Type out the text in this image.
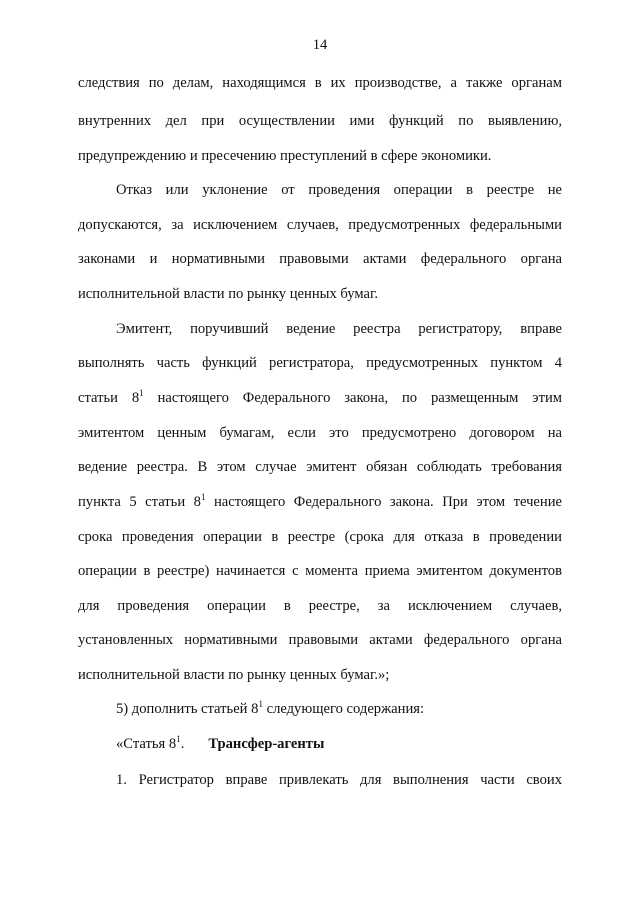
14
следствия по делам, находящимся в их производстве, а также органам
внутренних дел при осуществлении ими функций по выявлению,
предупреждению и пресечению преступлений в сфере экономики.
Отказ или уклонение от проведения операции в реестре не
допускаются, за исключением случаев, предусмотренных федеральными
законами и нормативными правовыми актами федерального органа
исполнительной власти по рынку ценных бумаг.
Эмитент, поручивший ведение реестра регистратору, вправе
выполнять часть функций регистратора, предусмотренных пунктом 4
статьи $8^1$ настоящего Федерального закона, по размещенным этим
эмитентом ценным бумагам, если это предусмотрено договором на
ведение реестра. В этом случае эмитент обязан соблюдать требования
пункта 5 статьи $8^1$ настоящего Федерального закона. При этом течение
срока проведения операции в реестре (срока для отказа в проведении
операции в реестре) начинается с момента приема эмитентом документов
для проведения операции в реестре, за исключением случаев,
установленных нормативными правовыми актами федерального органа
исполнительной власти по рынку ценных бумаг.»;
5) дополнить статьей $8^1$ следующего содержания:
«Статья $8^1$. Трансфер-агенты
1. Регистратор вправе привлекать для выполнения части своих
